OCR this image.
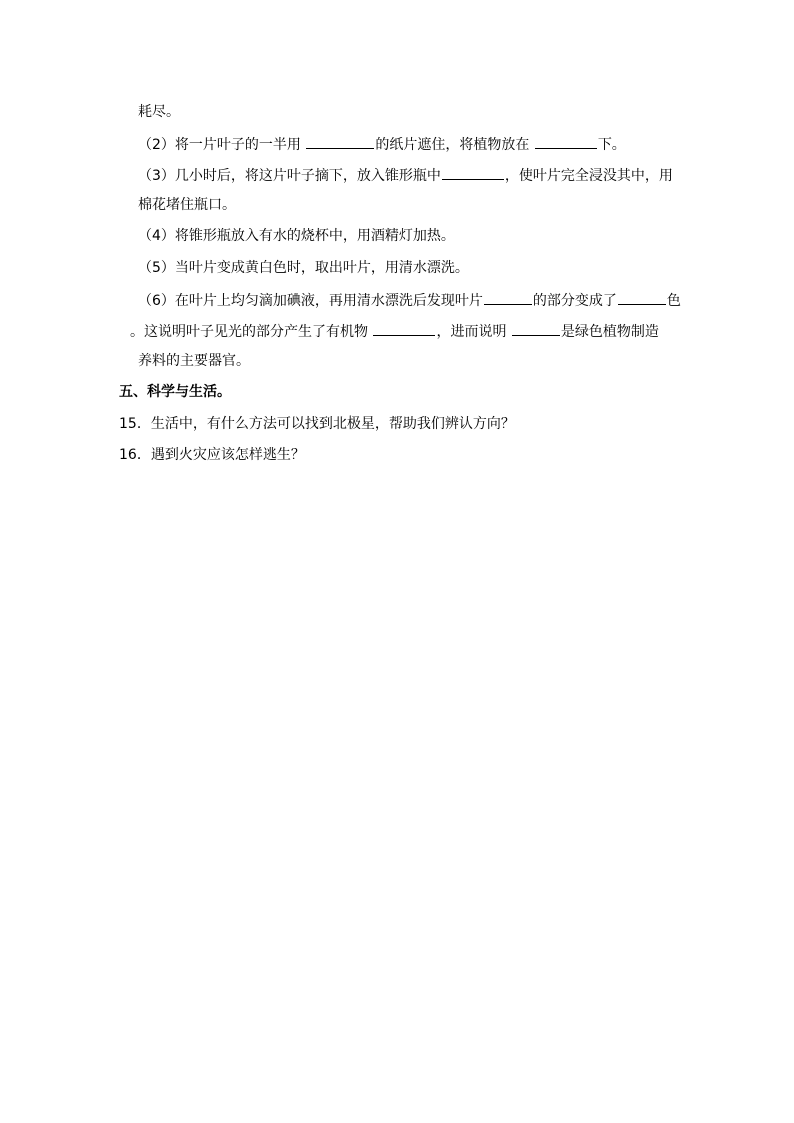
耗尽。
（2）将一片叶子的一半用	的纸片遮住，将植物放在	下。
（3）几小时后，将这片叶子摘下，放入锥形瓶中	，使叶片完全浸没其中，用
棉花堵住瓶口。
（4）将锥形瓶放入有水的烧杯中，用酒精灯加热。
（5）当叶片变成黄白色时，取出叶片，用清水漂洗。
（6）在叶片上均匀滴加碘液，再用清水漂洗后发现叶片	的部分变成了	色
。这说明叶子见光的部分产生了有机物	，进而说明	是绿色植物制造
养料的主要器官。
五、科学与生活。
15．生活中，有什么方法可以找到北极星，帮助我们辨认方向？
16．遇到火灾应该怎样逃生？
